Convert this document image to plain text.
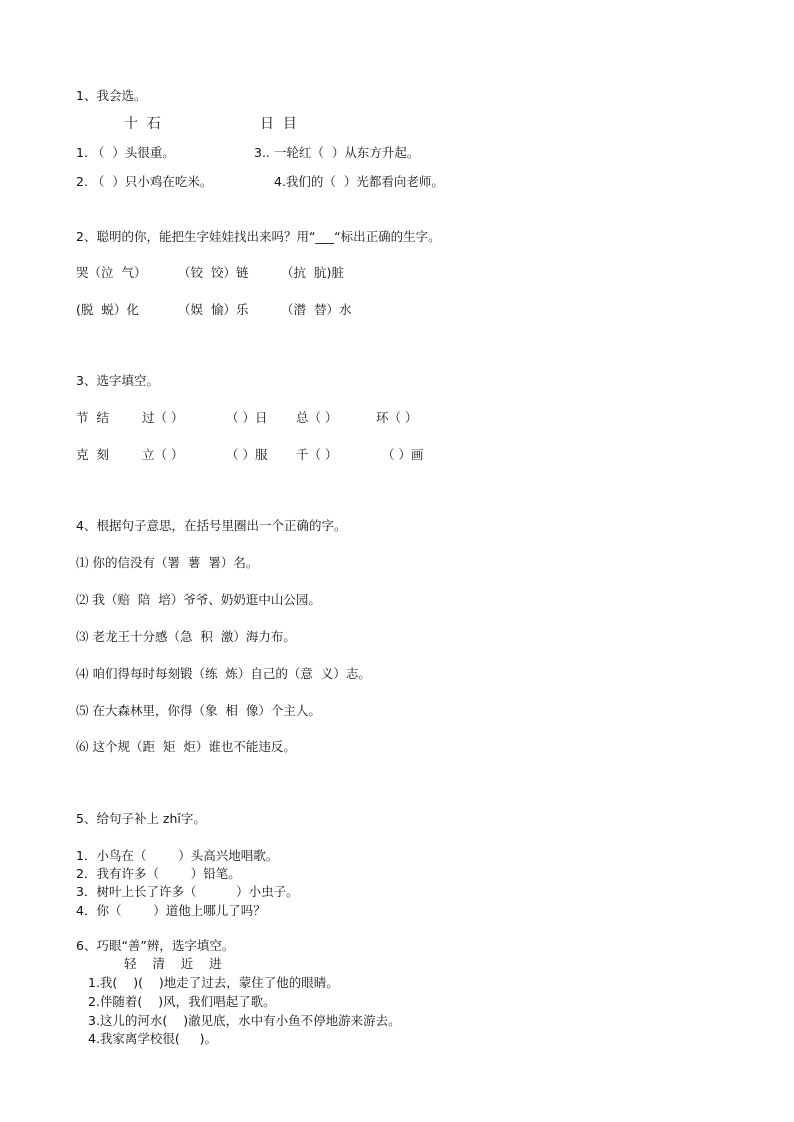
1、我会选。
十  石	日  目
1. （  ）头很重。	3.. 一轮红（  ）从东方升起。
2. （  ）只小鸡在吃米。	4.我们的（  ）光都看向老师。
2、聪明的你，能把生字娃娃找出来吗？用“___“标出正确的生字。
哭（泣  气）	（铰  饺）链	（抗  肮)脏
(脱  蜕）化	（娱  愉）乐	（潜  替）水
3、选字填空。
节  结	过（ ）	（ ）日 总（ ）	环（ ）
克  刻	立（ ）	（ ）服 千（ ）	（ ）画
4、根据句子意思，在括号里圈出一个正确的字。
⑴ 你的信没有（署  薯  署）名。
⑵ 我（赔  陪  培）爷爷、奶奶逛中山公园。
⑶ 老龙王十分感（急  积  激）海力布。
⑷ 咱们得每时每刻锻（练  炼）自己的（意  义）志。
⑸ 在大森林里，你得（象  相  像）个主人。
⑹ 这个规（距  矩  炬）谁也不能违反。
5、给句子补上 zhī字。
1．小鸟在（        ）头高兴地唱歌。
2．我有许多（        ）铅笔。
3．树叶上长了许多（          ）小虫子。
4．你（        ）道他上哪儿了吗？
6、巧眼“善”辨，选字填空。
轻    清    近    进
1.我(    )(    )地走了过去，蒙住了他的眼睛。
2.伴随着(    )风，我们唱起了歌。
3.这儿的河水(    )澈见底，水中有小鱼不停地游来游去。
4.我家离学校很(     )。
